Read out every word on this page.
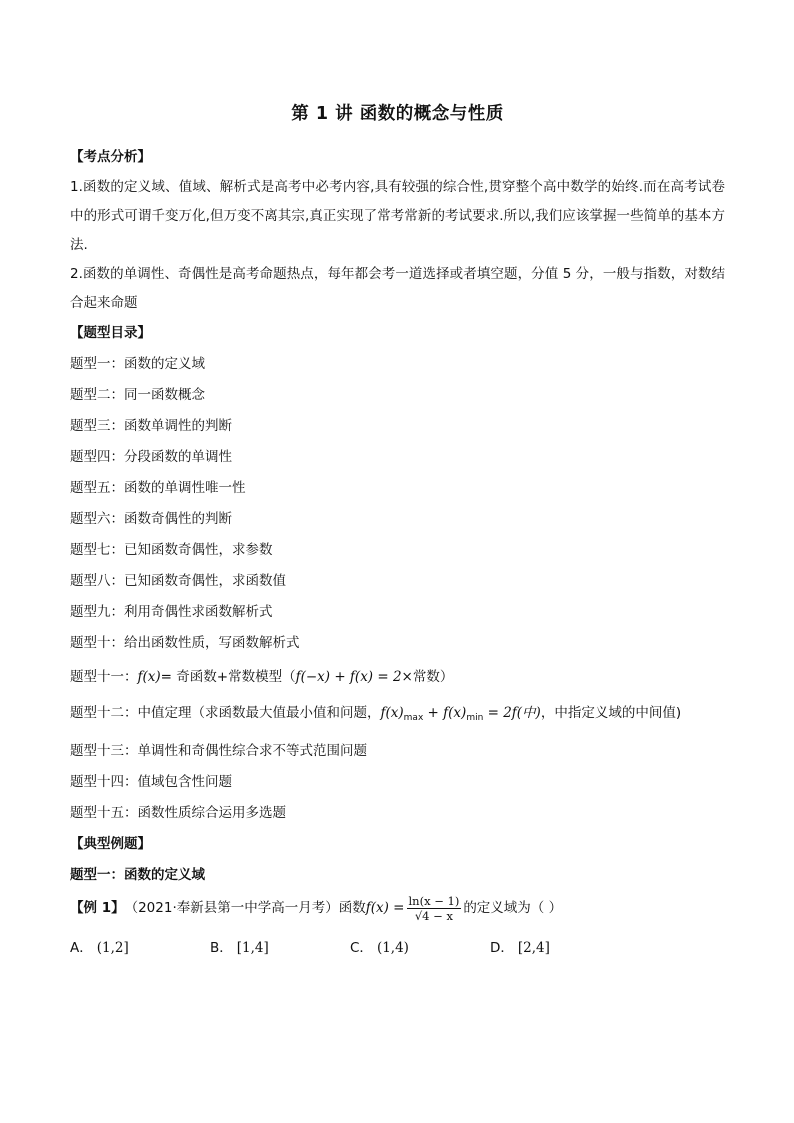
第 1 讲 函数的概念与性质

【考点分析】

1.函数的定义域、值域、解析式是高考中必考内容,具有较强的综合性,贯穿整个高中数学的始终.而在高考试卷中的形式可谓千变万化,但万变不离其宗,真正实现了常考常新的考试要求.所以,我们应该掌握一些简单的基本方法.

2.函数的单调性、奇偶性是高考命题热点，每年都会考一道选择或者填空题，分值 5 分，一般与指数，对数结合起来命题

【题型目录】

题型一：函数的定义域
题型二：同一函数概念
题型三：函数单调性的判断
题型四：分段函数的单调性
题型五：函数的单调性唯一性
题型六：函数奇偶性的判断
题型七：已知函数奇偶性，求参数
题型八：已知函数奇偶性，求函数值
题型九：利用奇偶性求函数解析式
题型十：给出函数性质，写函数解析式
题型十一：f(x)= 奇函数+常数模型（f(−x) + f(x) = 2×常数）
题型十二：中值定理（求函数最大值最小值和问题，$f(x)_{max} + f(x)_{min} = 2f$(中)，中指定义域的中间值)
题型十三：单调性和奇偶性综合求不等式范围问题
题型十四：值域包含性问题
题型十五：函数性质综合运用多选题

【典型例题】

题型一：函数的定义域

【例 1】 （2021·奉新县第一中学高一月考）函数 $f(x) = \frac{\ln(x - 1)}{√4 - x}$ 的定义域为（ ）
A． (1,2]	B． [1,4]	C． (1,4)	D． [2,4]
